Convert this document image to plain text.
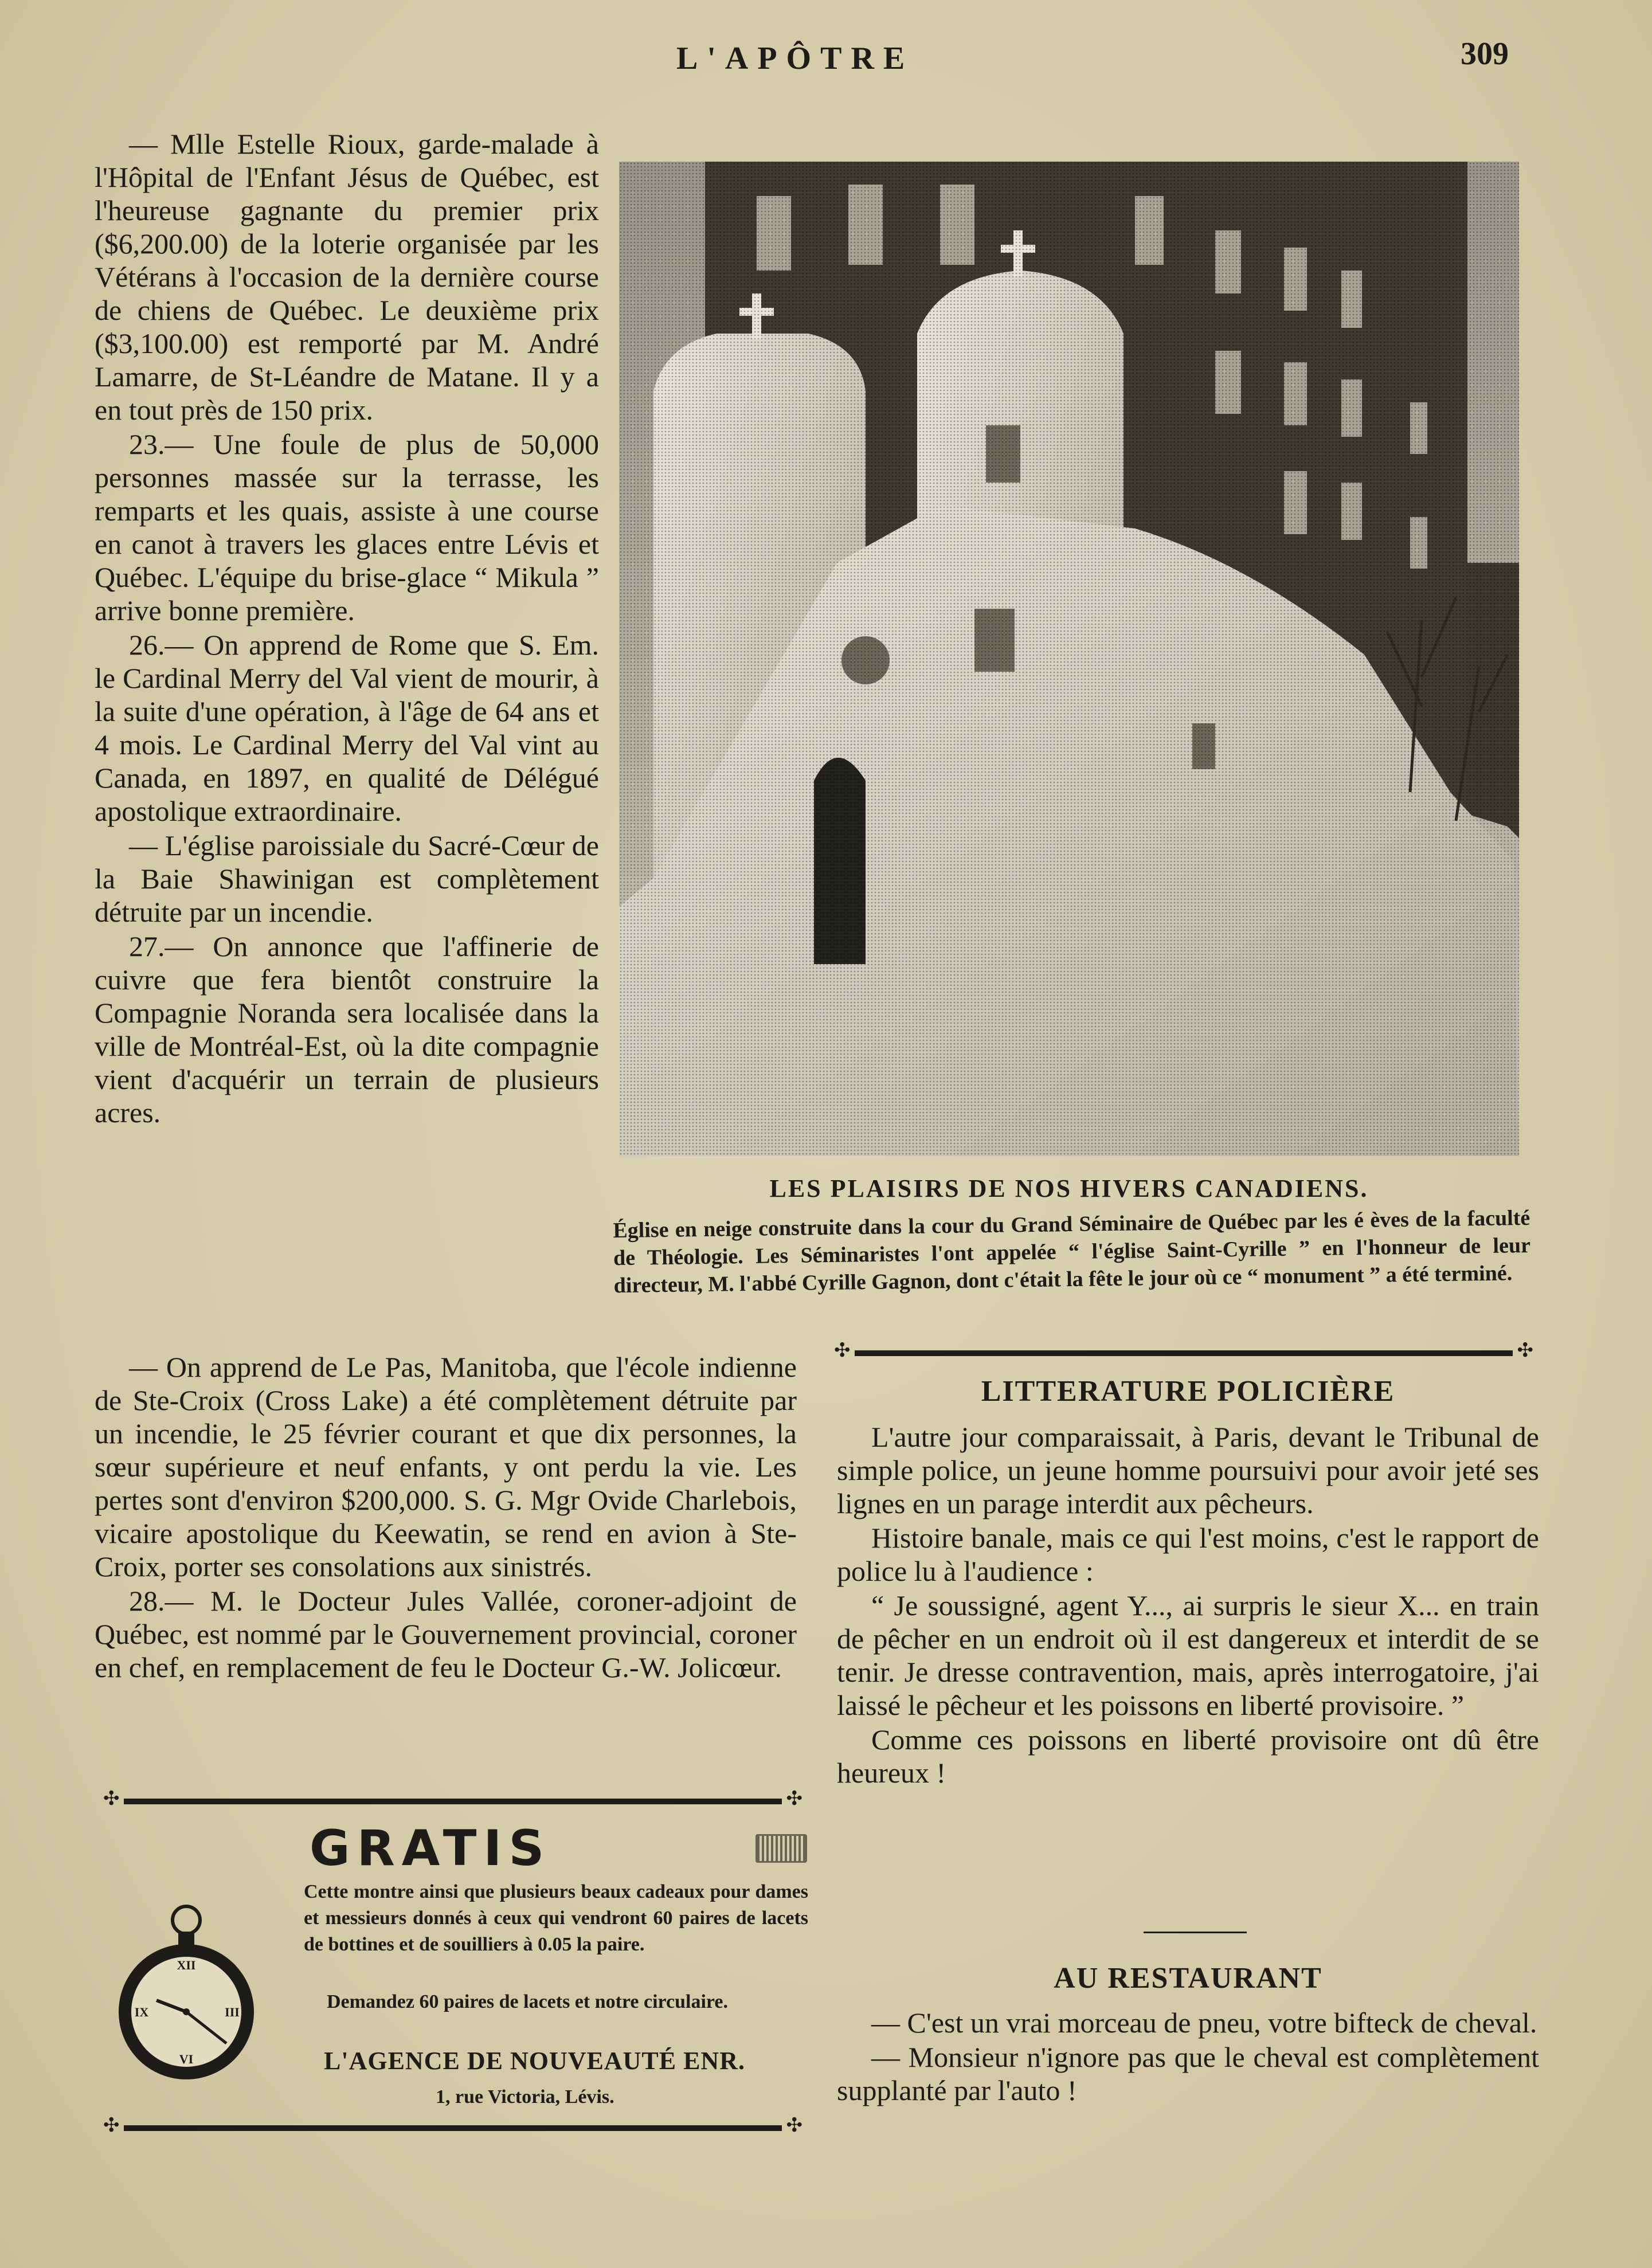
L'APÔTRE	309

— Mlle Estelle Rioux, garde-malade à l'Hôpital de l'Enfant Jésus de Québec, est l'heureuse gagnante du premier prix ($6,200.00) de la loterie organisée par les Vétérans à l'occasion de la dernière course de chiens de Québec. Le deuxième prix ($3,100.00) est remporté par M. André Lamarre, de St-Léandre de Matane. Il y a en tout près de 150 prix.

23.— Une foule de plus de 50,000 personnes massée sur la terrasse, les remparts et les quais, assiste à une course en canot à travers les glaces entre Lévis et Québec. L'équipe du brise-glace “ Mikula ” arrive bonne première.

26.— On apprend de Rome que S. Em. le Cardinal Merry del Val vient de mourir, à la suite d'une opération, à l'âge de 64 ans et 4 mois. Le Cardinal Merry del Val vint au Canada, en 1897, en qualité de Délégué apostolique extraordinaire.

— L'église paroissiale du Sacré-Cœur de la Baie Shawinigan est complètement détruite par un incendie.

27.— On annonce que l'affinerie de cuivre que fera bientôt construire la Compagnie Noranda sera localisée dans la ville de Montréal-Est, où la dite compagnie vient d'acquérir un terrain de plusieurs acres.

LES PLAISIRS DE NOS HIVERS CANADIENS.
Église en neige construite dans la cour du Grand Séminaire de Québec par les é èves de la faculté de Théologie. Les Séminaristes l'ont appelée “ l'église Saint-Cyrille ” en l'honneur de leur directeur, M. l'abbé Cyrille Gagnon, dont c'était la fête le jour où ce “ monument ” a été terminé.
✣	✣
LITTERATURE POLICIÈRE

— On apprend de Le Pas, Manitoba, que l'école indienne de Ste-Croix (Cross Lake) a été complètement détruite par un incendie, le 25 février courant et que dix personnes, la sœur supérieure et neuf enfants, y ont perdu la vie. Les pertes sont d'environ $200,000. S. G. Mgr Ovide Charlebois, vicaire apostolique du Keewatin, se rend en avion à Ste-Croix, porter ses consolations aux sinistrés.

28.— M. le Docteur Jules Vallée, coroner-adjoint de Québec, est nommé par le Gouvernement provincial, coroner en chef, en remplacement de feu le Docteur G.-W. Jolicœur.

L'autre jour comparaissait, à Paris, devant le Tribunal de simple police, un jeune homme poursuivi pour avoir jeté ses lignes en un parage interdit aux pêcheurs.

Histoire banale, mais ce qui l'est moins, c'est le rapport de police lu à l'audience :

“ Je soussigné, agent Y..., ai surpris le sieur X... en train de pêcher en un endroit où il est dangereux et interdit de se tenir. Je dresse contravention, mais, après interrogatoire, j'ai laissé le pêcheur et les poissons en liberté provisoire. ”

Comme ces poissons en liberté provisoire ont dû être heureux !

AU RESTAURANT

— C'est un vrai morceau de pneu, votre bifteck de cheval.

— Monsieur n'ignore pas que le cheval est complètement supplanté par l'auto !

✣	✣
GRATIS
XII
III
VI
IX
Cette montre ainsi que plusieurs beaux cadeaux pour dames et messieurs donnés à ceux qui vendront 60 paires de lacets de bottines et de souilliers à 0.05 la paire.
Demandez 60 paires de lacets et notre circulaire.
L'AGENCE DE NOUVEAUTÉ ENR.
1, rue Victoria, Lévis.
✣	✣
